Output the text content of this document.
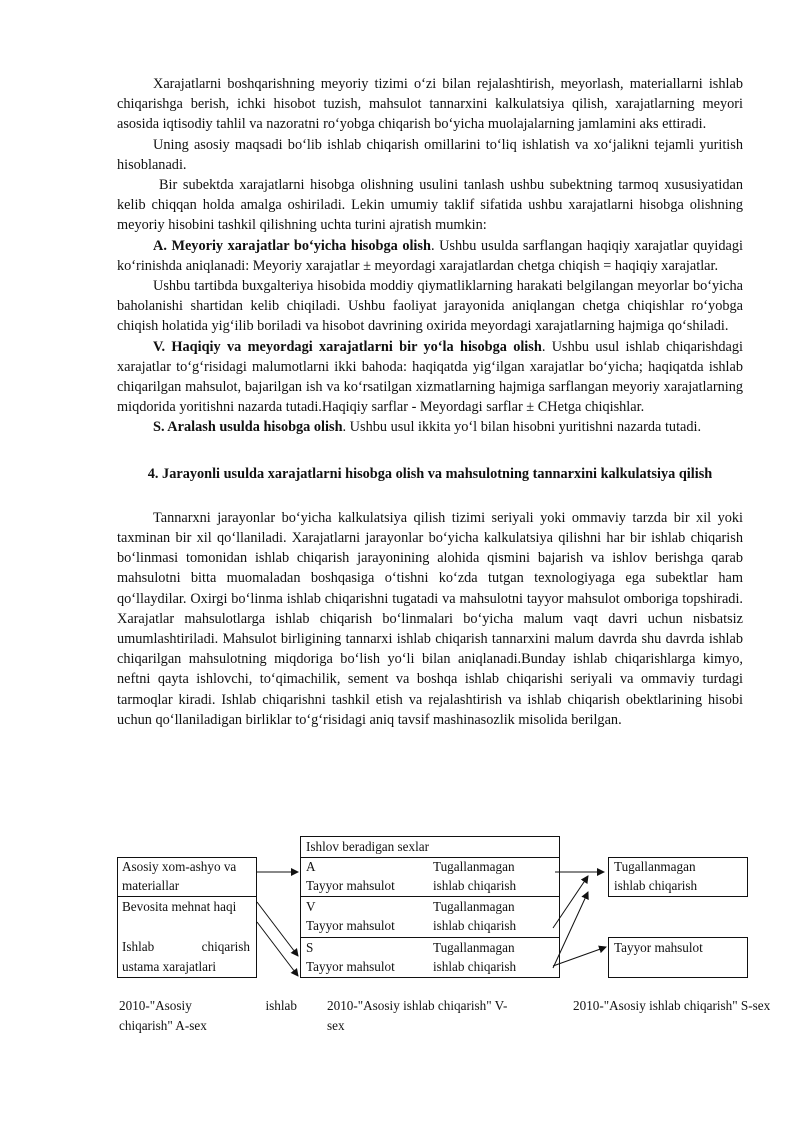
Xarajatlarni boshqarishning meyoriy tizimi o‘zi bilan rejalashtirish, meyorlash, materiallarni ishlab chiqarishga berish, ichki hisobot tuzish, mahsulot tannarxini kalkulatsiya qilish, xarajatlarning meyori asosida iqtisodiy tahlil va nazoratni ro‘yobga chiqarish bo‘yicha muolajalarning jamlamini aks ettiradi.

Uning asosiy maqsadi bo‘lib ishlab chiqarish omillarini to‘liq ishlatish va xo‘jalikni tejamli yuritish hisoblanadi.

Bir subektda xarajatlarni hisobga olishning usulini tanlash ushbu subektning tarmoq xususiyatidan kelib chiqqan holda amalga oshiriladi. Lekin umumiy taklif sifatida ushbu xarajatlarni hisobga olishning meyoriy hisobini tashkil qilishning uchta turini ajratish mumkin:

A. Meyoriy xarajatlar bo‘yicha hisobga olish. Ushbu usulda sarflangan haqiqiy xarajatlar quyidagi ko‘rinishda aniqlanadi: Meyoriy xarajatlar ± meyordagi xarajatlardan chetga chiqish = haqiqiy xarajatlar.

Ushbu tartibda buxgalteriya hisobida moddiy qiymatliklarning harakati belgilangan meyorlar bo‘yicha baholanishi shartidan kelib chiqiladi. Ushbu faoliyat jarayonida aniqlangan chetga chiqishlar ro‘yobga chiqish holatida yig‘ilib boriladi va hisobot davrining oxirida meyordagi xarajatlarning hajmiga qo‘shiladi.

V. Haqiqiy va meyordagi xarajatlarni bir yo‘la hisobga olish. Ushbu usul ishlab chiqarishdagi xarajatlar to‘g‘risidagi malumotlarni ikki bahoda: haqiqatda yig‘ilgan xarajatlar bo‘yicha; haqiqatda ishlab chiqarilgan mahsulot, bajarilgan ish va ko‘rsatilgan xizmatlarning hajmiga sarflangan meyoriy xarajatlarning miqdorida yoritishni nazarda tutadi.Haqiqiy sarflar - Meyordagi sarflar ± CHetga chiqishlar.

S. Aralash usulda hisobga olish. Ushbu usul ikkita yo‘l bilan hisobni yuritishni nazarda tutadi.

4. Jarayonli usulda xarajatlarni hisobga olish va mahsulotning tannarxini kalkulatsiya qilish

Tannarxni jarayonlar bo‘yicha kalkulatsiya qilish tizimi seriyali yoki ommaviy tarzda bir xil yoki taxminan bir xil qo‘llaniladi. Xarajatlarni jarayonlar bo‘yicha kalkulatsiya qilishni har bir ishlab chiqarish bo‘linmasi tomonidan ishlab chiqarish jarayonining alohida qismini bajarish va ishlov berishga qarab mahsulotni bitta muomaladan boshqasiga o‘tishni ko‘zda tutgan texnologiyaga ega subektlar ham qo‘llaydilar. Oxirgi bo‘linma ishlab chiqarishni tugatadi va mahsulotni tayyor mahsulot omboriga topshiradi. Xarajatlar mahsulotlarga ishlab chiqarish bo‘linmalari bo‘yicha malum vaqt davri uchun nisbatsiz umumlashtiriladi. Mahsulot birligining tannarxi ishlab chiqarish tannarxini malum davrda shu davrda ishlab chiqarilgan mahsulotning miqdoriga bo‘lish yo‘li bilan aniqlanadi.Bunday ishlab chiqarishlarga kimyo, neftni qayta ishlovchi, to‘qimachilik, sement va boshqa ishlab chiqarishi seriyali va ommaviy turdagi tarmoqlar kiradi. Ishlab chiqarishni tashkil etish va rejalashtirish va ishlab chiqarish obektlarining hisobi uchun qo‘llaniladigan birliklar to‘g‘risidagi aniq tavsif mashinasozlik misolida berilgan.

Ishlov beradigan sexlar
Asosiy xom-ashyo va
materiallar
Bevosita mehnat haqi
Ishlab	chiqarish
ustama xarajatlari
A
Tayyor mahsulot
Tugallanmagan
ishlab chiqarish
V
Tayyor mahsulot
Tugallanmagan
ishlab chiqarish
S
Tayyor mahsulot
Tugallanmagan
ishlab chiqarish
Tugallanmagan
ishlab chiqarish
Tayyor mahsulot
2010-"Asosiy	ishlab
chiqarish" A-sex
2010-"Asosiy ishlab chiqarish" V-
sex
2010-"Asosiy ishlab chiqarish" S-sex
